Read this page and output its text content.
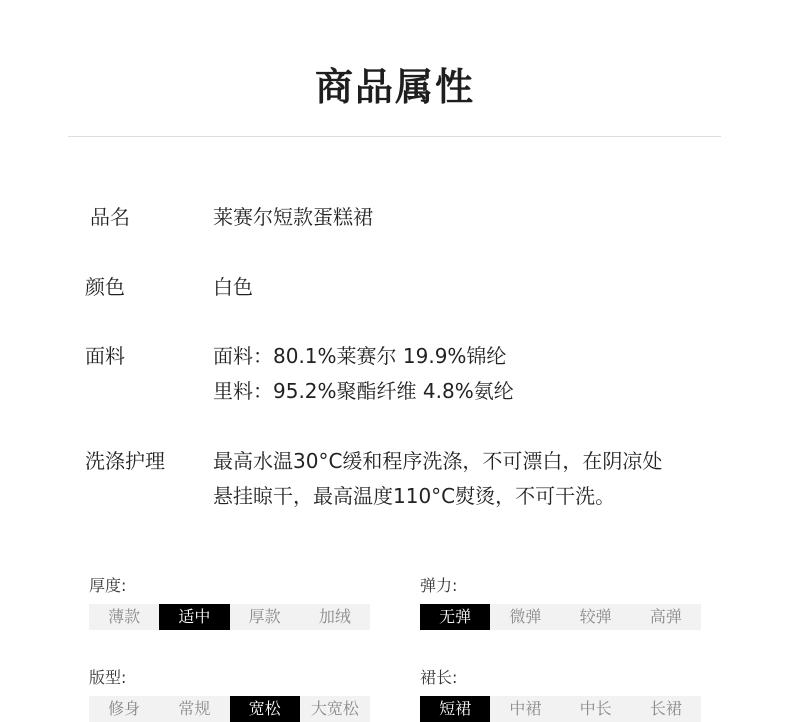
商品属性
品名	莱赛尔短款蛋糕裙
颜色	白色
面料	面料：80.1%莱赛尔 19.9%锦纶
里料：95.2%聚酯纤维 4.8%氨纶
洗涤护理 最高水温30°C缓和程序洗涤，不可漂白，在阴凉处
悬挂晾干，最高温度110°C熨烫，不可干洗。
厚度:
薄款	适中	厚款	加绒
弹力:
无弹	微弹	较弹	高弹
版型:
修身	常规	宽松	大宽松
裙长:
短裙	中裙	中长	长裙
